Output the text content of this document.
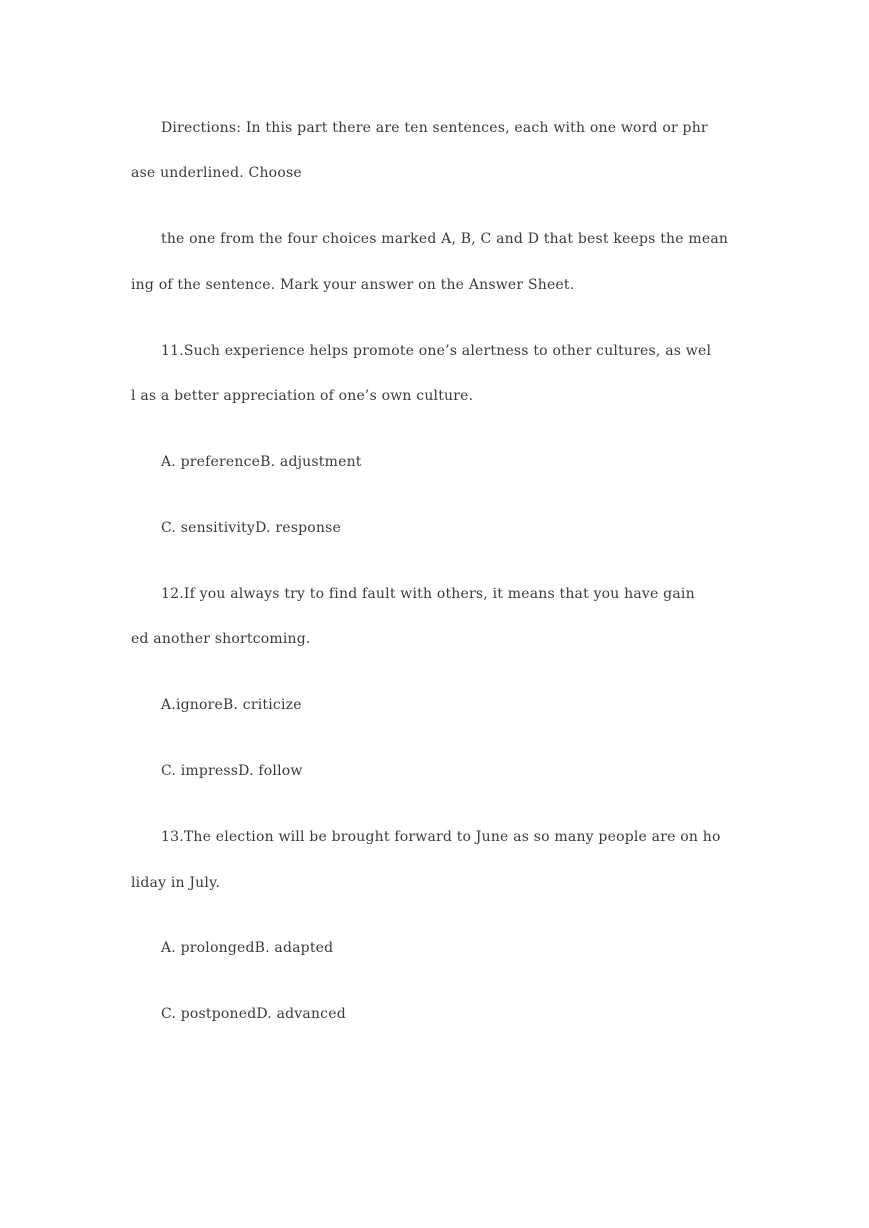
Directions: In this part there are ten sentences, each with one word or phr
ase underlined. Choose
the one from the four choices marked A, B, C and D that best keeps the mean
ing of the sentence. Mark your answer on the Answer Sheet.
11.Such experience helps promote one’s alertness to other cultures, as wel
l as a better appreciation of one’s own culture.
A. preferenceB. adjustment
C. sensitivityD. response
12.If you always try to find fault with others, it means that you have gain
ed another shortcoming.
A.ignoreB. criticize
C. impressD. follow
13.The election will be brought forward to June as so many people are on ho
liday in July.
A. prolongedB. adapted
C. postponedD. advanced
